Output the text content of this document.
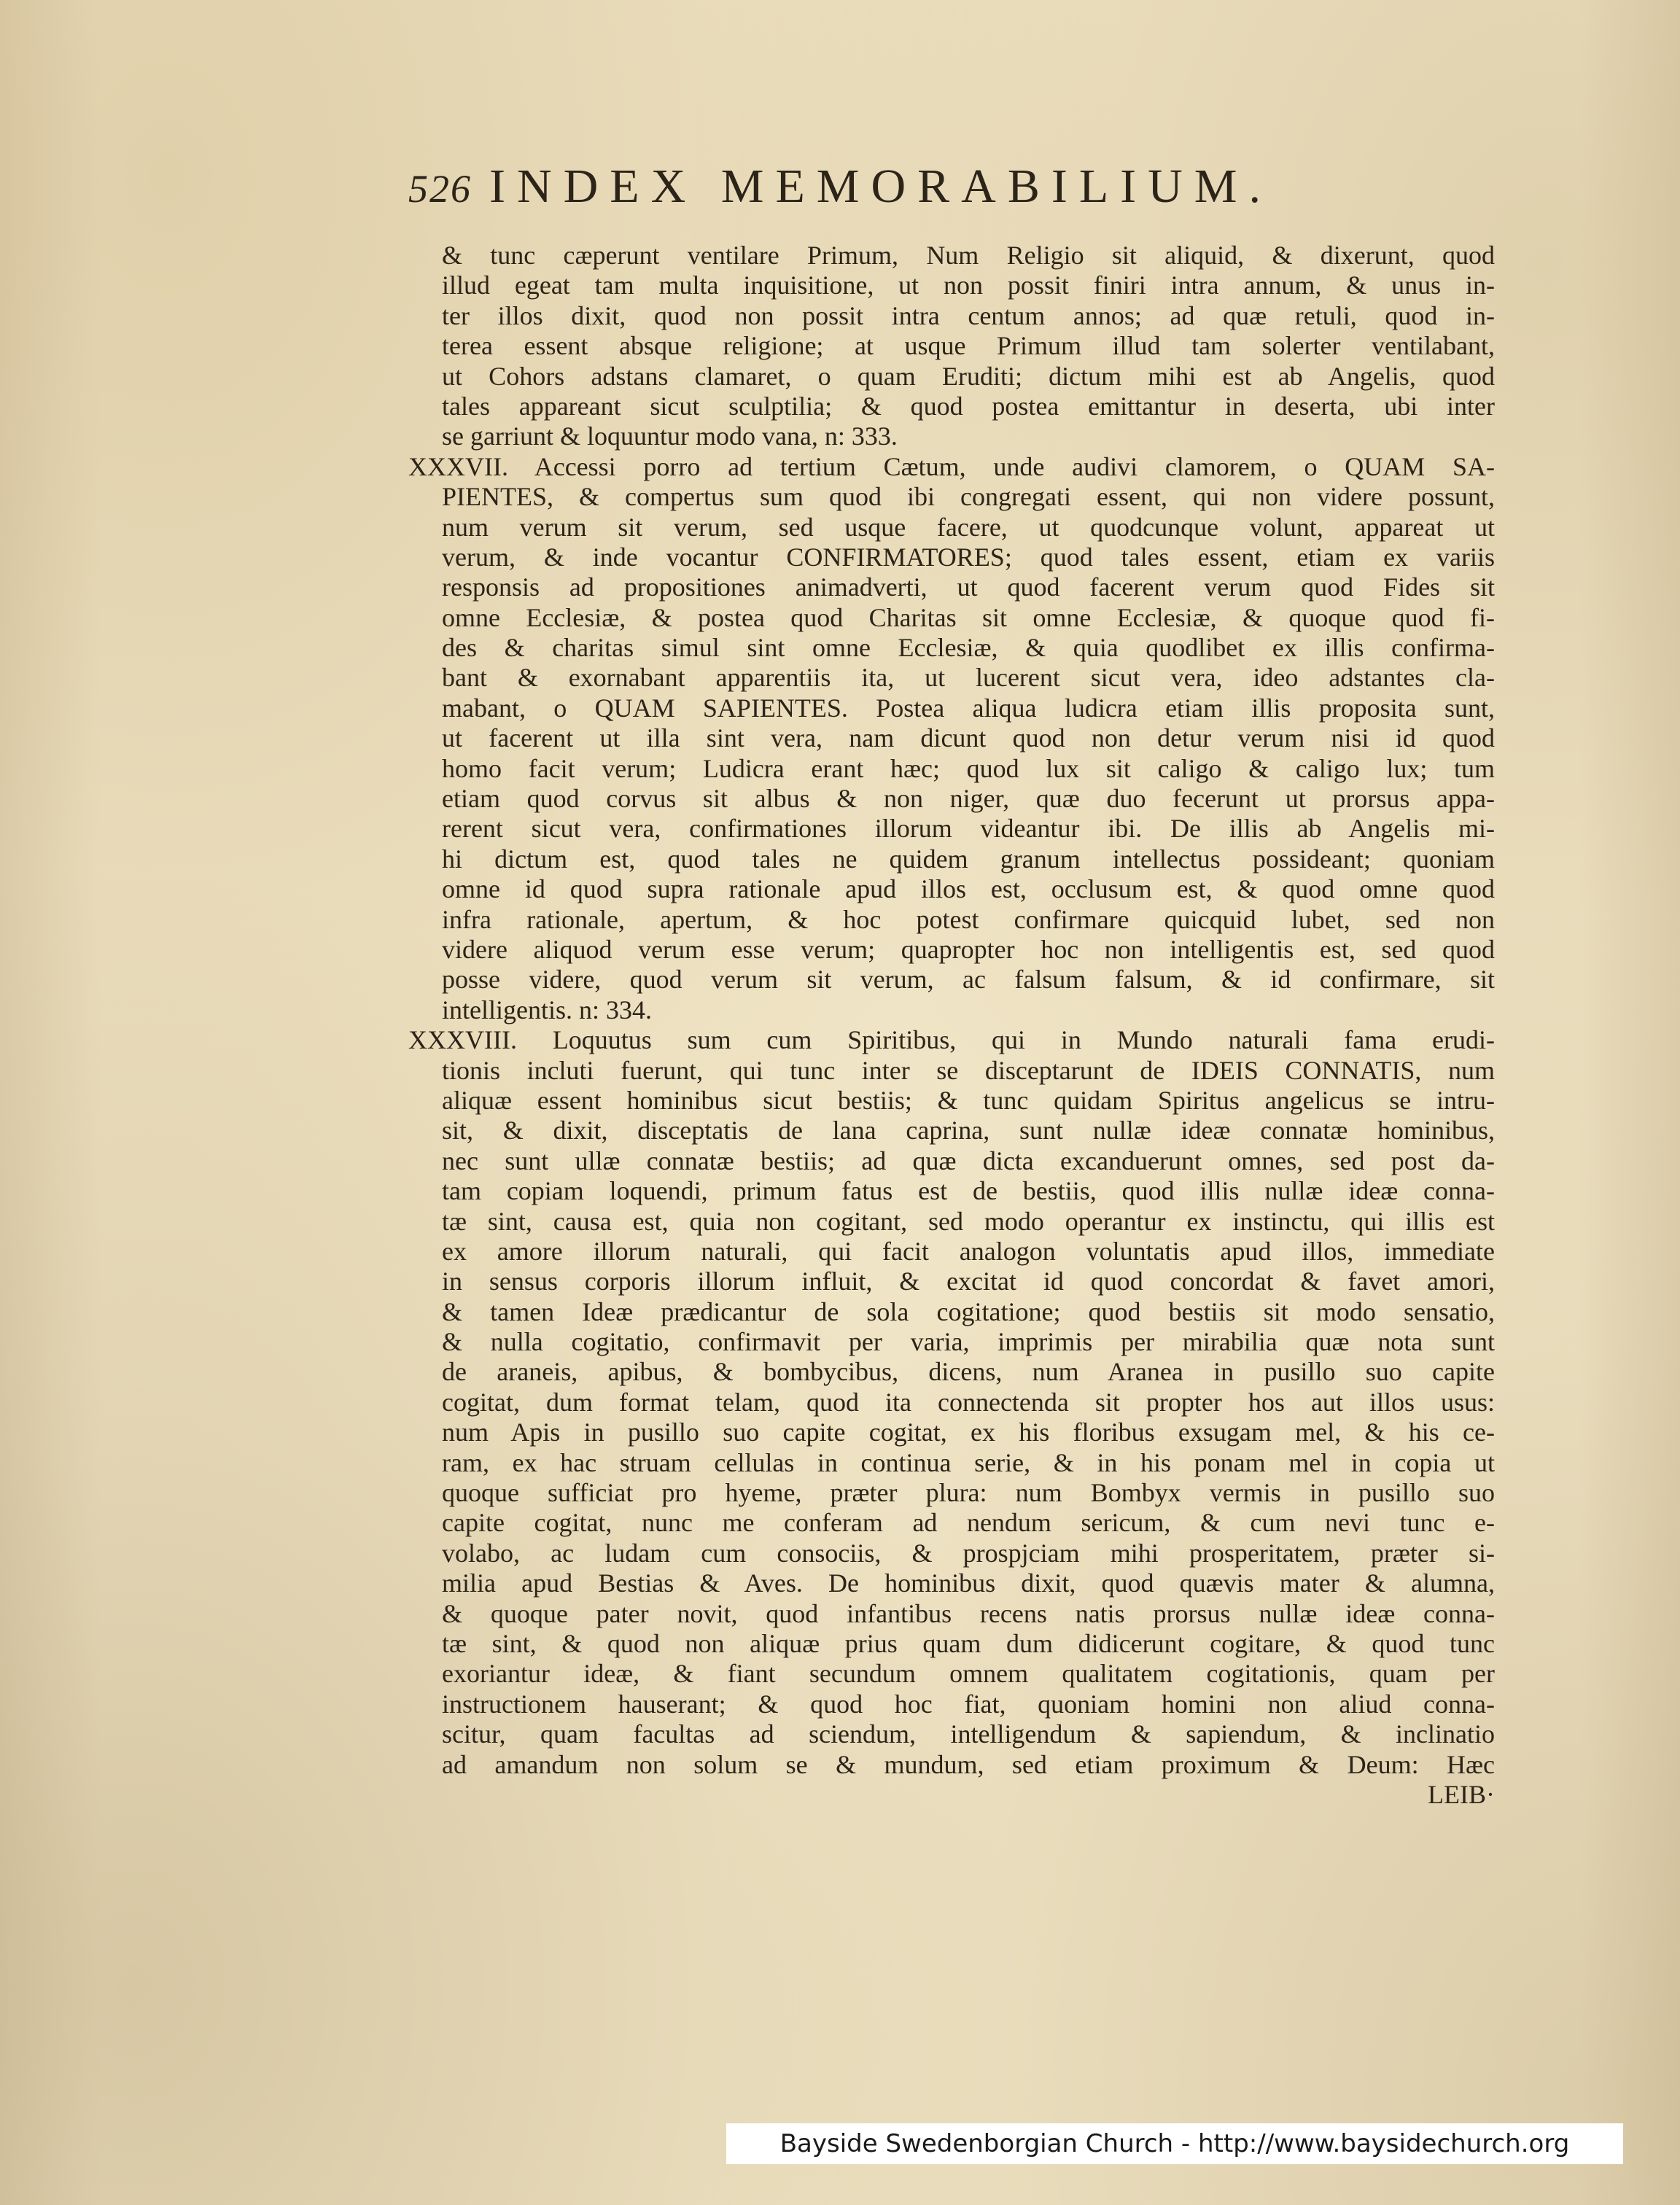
526 INDEX MEMORABILIUM.
& tunc cæperunt ventilare Primum, Num Religio sit aliquid, & dixerunt, quod
illud egeat tam multa inquisitione, ut non possit finiri intra annum, & unus in-
ter illos dixit, quod non possit intra centum annos; ad quæ retuli, quod in-
terea essent absque religione; at usque Primum illud tam solerter ventilabant,
ut Cohors adstans clamaret, o quam Eruditi; dictum mihi est ab Angelis, quod
tales appareant sicut sculptilia; & quod postea emittantur in deserta, ubi inter
se garriunt & loquuntur modo vana, n: 333.
XXXVII. Accessi porro ad tertium Cætum, unde audivi clamorem, o QUAM SA-
PIENTES, & compertus sum quod ibi congregati essent, qui non videre possunt,
num verum sit verum, sed usque facere, ut quodcunque volunt, appareat ut
verum, & inde vocantur CONFIRMATORES; quod tales essent, etiam ex variis
responsis ad propositiones animadverti, ut quod facerent verum quod Fides sit
omne Ecclesiæ, & postea quod Charitas sit omne Ecclesiæ, & quoque quod fi-
des & charitas simul sint omne Ecclesiæ, & quia quodlibet ex illis confirma-
bant & exornabant apparentiis ita, ut lucerent sicut vera, ideo adstantes cla-
mabant, o QUAM SAPIENTES. Postea aliqua ludicra etiam illis proposita sunt,
ut facerent ut illa sint vera, nam dicunt quod non detur verum nisi id quod
homo facit verum; Ludicra erant hæc; quod lux sit caligo & caligo lux; tum
etiam quod corvus sit albus & non niger, quæ duo fecerunt ut prorsus appa-
rerent sicut vera, confirmationes illorum videantur ibi. De illis ab Angelis mi-
hi dictum est, quod tales ne quidem granum intellectus possideant; quoniam
omne id quod supra rationale apud illos est, occlusum est, & quod omne quod
infra rationale, apertum, & hoc potest confirmare quicquid lubet, sed non
videre aliquod verum esse verum; quapropter hoc non intelligentis est, sed quod
posse videre, quod verum sit verum, ac falsum falsum, & id confirmare, sit
intelligentis. n: 334.
XXXVIII. Loquutus sum cum Spiritibus, qui in Mundo naturali fama erudi-
tionis incluti fuerunt, qui tunc inter se disceptarunt de IDEIS CONNATIS, num
aliquæ essent hominibus sicut bestiis; & tunc quidam Spiritus angelicus se intru-
sit, & dixit, disceptatis de lana caprina, sunt nullæ ideæ connatæ hominibus,
nec sunt ullæ connatæ bestiis; ad quæ dicta excanduerunt omnes, sed post da-
tam copiam loquendi, primum fatus est de bestiis, quod illis nullæ ideæ conna-
tæ sint, causa est, quia non cogitant, sed modo operantur ex instinctu, qui illis est
ex amore illorum naturali, qui facit analogon voluntatis apud illos, immediate
in sensus corporis illorum influit, & excitat id quod concordat & favet amori,
& tamen Ideæ prædicantur de sola cogitatione; quod bestiis sit modo sensatio,
& nulla cogitatio, confirmavit per varia, imprimis per mirabilia quæ nota sunt
de araneis, apibus, & bombycibus, dicens, num Aranea in pusillo suo capite
cogitat, dum format telam, quod ita connectenda sit propter hos aut illos usus:
num Apis in pusillo suo capite cogitat, ex his floribus exsugam mel, & his ce-
ram, ex hac struam cellulas in continua serie, & in his ponam mel in copia ut
quoque sufficiat pro hyeme, præter plura: num Bombyx vermis in pusillo suo
capite cogitat, nunc me conferam ad nendum sericum, & cum nevi tunc e-
volabo, ac ludam cum consociis, & prospjciam mihi prosperitatem, præter si-
milia apud Bestias & Aves. De hominibus dixit, quod quævis mater & alumna,
& quoque pater novit, quod infantibus recens natis prorsus nullæ ideæ conna-
tæ sint, & quod non aliquæ prius quam dum didicerunt cogitare, & quod tunc
exoriantur ideæ, & fiant secundum omnem qualitatem cogitationis, quam per
instructionem hauserant; & quod hoc fiat, quoniam homini non aliud conna-
scitur, quam facultas ad sciendum, intelligendum & sapiendum, & inclinatio
ad amandum non solum se & mundum, sed etiam proximum & Deum: Hæc
LEIB·
Bayside Swedenborgian Church - http://www.baysidechurch.org
